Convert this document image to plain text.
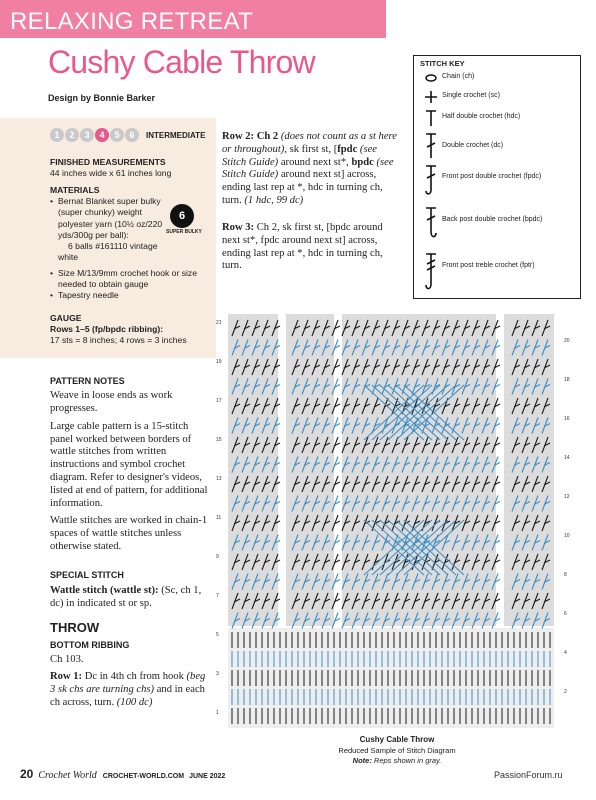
RELAXING RETREAT
Cushy Cable Throw
Design by Bonnie Barker
1	2	3	4	5	6	INTERMEDIATE
FINISHED MEASUREMENTS
44 inches wide x 61 inches long
MATERIALS
• Bernat Blanket super bulky (super chunky) weight polyester yarn (10½ oz/220 yds/300g per ball):
6 balls #161110 vintage white
• Size M/13/9mm crochet hook or size needed to obtain gauge
• Tapestry needle
6
SUPER BULKY
GAUGE
Rows 1–5 (fp/bpdc ribbing):
17 sts = 8 inches; 4 rows = 3 inches
PATTERN NOTES

Weave in loose ends as work progresses.

Large cable pattern is a 15-stitch panel worked between borders of wattle stitches from written instructions and symbol crochet diagram. Refer to designer's videos, listed at end of pattern, for additional information.

Wattle stitches are worked in chain-1 spaces of wattle stitches unless otherwise stated.

SPECIAL STITCH

Wattle stitch (wattle st): (Sc, ch 1, dc) in indicated st or sp.

THROW
BOTTOM RIBBING

Ch 103.

Row 1: Dc in 4th ch from hook (beg 3 sk chs are turning chs) and in each ch across, turn. (100 dc)

Row 2: Ch 2 (does not count as a st here or throughout), sk first st, [fpdc (see Stitch Guide) around next st*, bpdc (see Stitch Guide) around next st] across, ending last rep at *, hdc in turning ch, turn. (1 hdc, 99 dc)
Row 3: Ch 2, sk first st, [bpdc around next st*, fpdc around next st] across, ending last rep at *, hdc in turning ch, turn.
STITCH KEY
Chain (ch)
Single crochet (sc)
Half double crochet (hdc)
Double crochet (dc)
Front post double crochet (fpdc)
Back post double crochet (bpdc)
Front post treble crochet (fptr)
21
19
17
15
13
11
9
7
5
3
1
20
18
16
14
12
10
8
6
4
2
Cushy Cable Throw
Reduced Sample of Stitch Diagram
Note: Reps shown in gray.
20 Crochet World CROCHET-WORLD.COM JUNE 2022	PassionForum.ru
